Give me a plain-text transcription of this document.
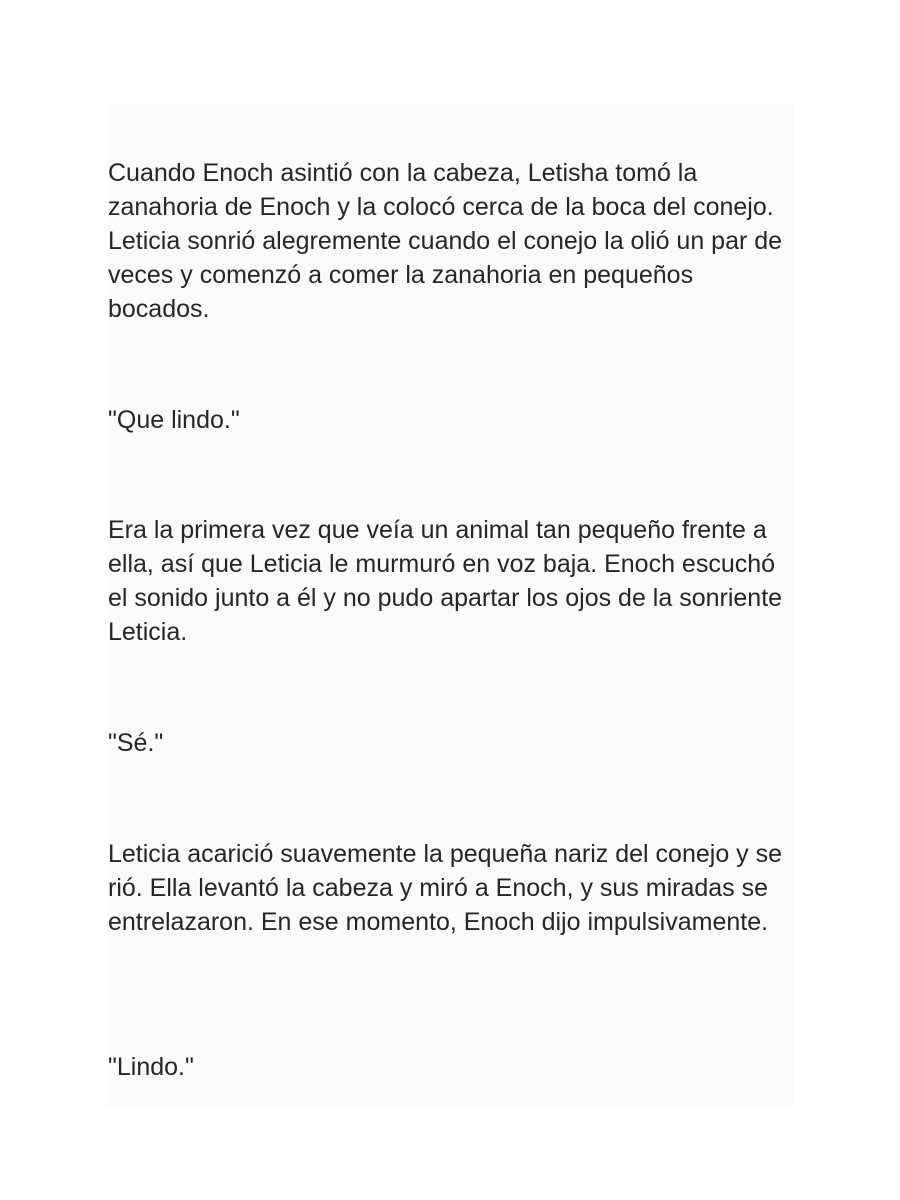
Cuando Enoch asintió con la cabeza, Letisha tomó la zanahoria de Enoch y la colocó cerca de la boca del conejo. Leticia sonrió alegremente cuando el conejo la olió un par de veces y comenzó a comer la zanahoria en pequeños bocados.

"Que lindo."

Era la primera vez que veía un animal tan pequeño frente a ella, así que Leticia le murmuró en voz baja. Enoch escuchó el sonido junto a él y no pudo apartar los ojos de la sonriente Leticia.

"Sé."

Leticia acarició suavemente la pequeña nariz del conejo y se rió. Ella levantó la cabeza y miró a Enoch, y sus miradas se entrelazaron. En ese momento, Enoch dijo impulsivamente.

"Lindo."
